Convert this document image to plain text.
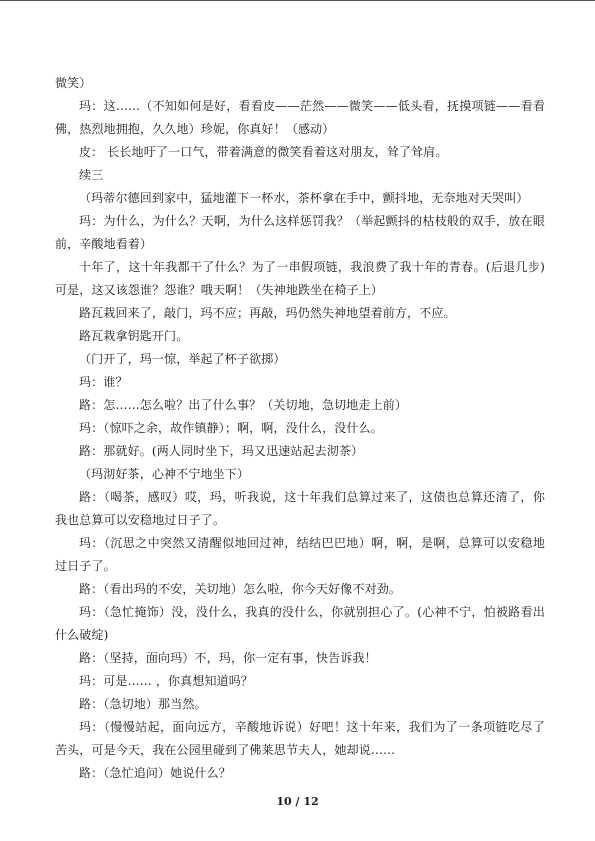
微笑）

玛：这……（不知如何是好，看看皮——茫然——微笑——低头看，抚摸项链——看看佛，热烈地拥抱，久久地）珍妮，你真好！（感动）

皮： 长长地吁了一口气，带着满意的微笑看着这对朋友，耸了耸肩。

续三

（玛蒂尔德回到家中，猛地灌下一杯水，茶杯拿在手中，颤抖地，无奈地对天哭叫）

玛：为什么，为什么？天啊，为什么这样惩罚我？（举起颤抖的枯枝般的双手，放在眼前，辛酸地看着）

十年了，这十年我都干了什么？为了一串假项链，我浪费了我十年的青春。(后退几步)可是，这又该怨谁？怨谁？哦天啊！（失神地跌坐在椅子上）

路瓦栽回来了，敲门，玛不应；再敲，玛仍然失神地望着前方，不应。

路瓦栽拿钥匙开门。

（门开了，玛一惊，举起了杯子欲掷）

玛：谁？

路：怎……怎么啦？出了什么事？（关切地，急切地走上前）

玛：（惊吓之余，故作镇静）；啊，啊，没什么，没什么。

路：那就好。(两人同时坐下，玛又迅速站起去沏茶）

（玛沏好茶，心神不宁地坐下）

路：（喝茶，感叹）哎，玛，听我说，这十年我们总算过来了，这债也总算还清了，你我也总算可以安稳地过日子了。

玛：（沉思之中突然又清醒似地回过神，结结巴巴地）啊，啊，是啊，总算可以安稳地过日子了。

路：（看出玛的不安，关切地）怎么啦，你今天好像不对劲。

玛：（急忙掩饰）没，没什么，我真的没什么，你就别担心了。(心神不宁，怕被路看出什么破绽)

路：（坚持，面向玛）不，玛，你一定有事，快告诉我！

玛：可是…… ，你真想知道吗？

路：（急切地）那当然。

玛：（慢慢站起，面向远方，辛酸地诉说）好吧！这十年来，我们为了一条项链吃尽了苦头，可是今天，我在公园里碰到了佛莱思节夫人，她却说……

路：（急忙追问）她说什么？

10 / 12
